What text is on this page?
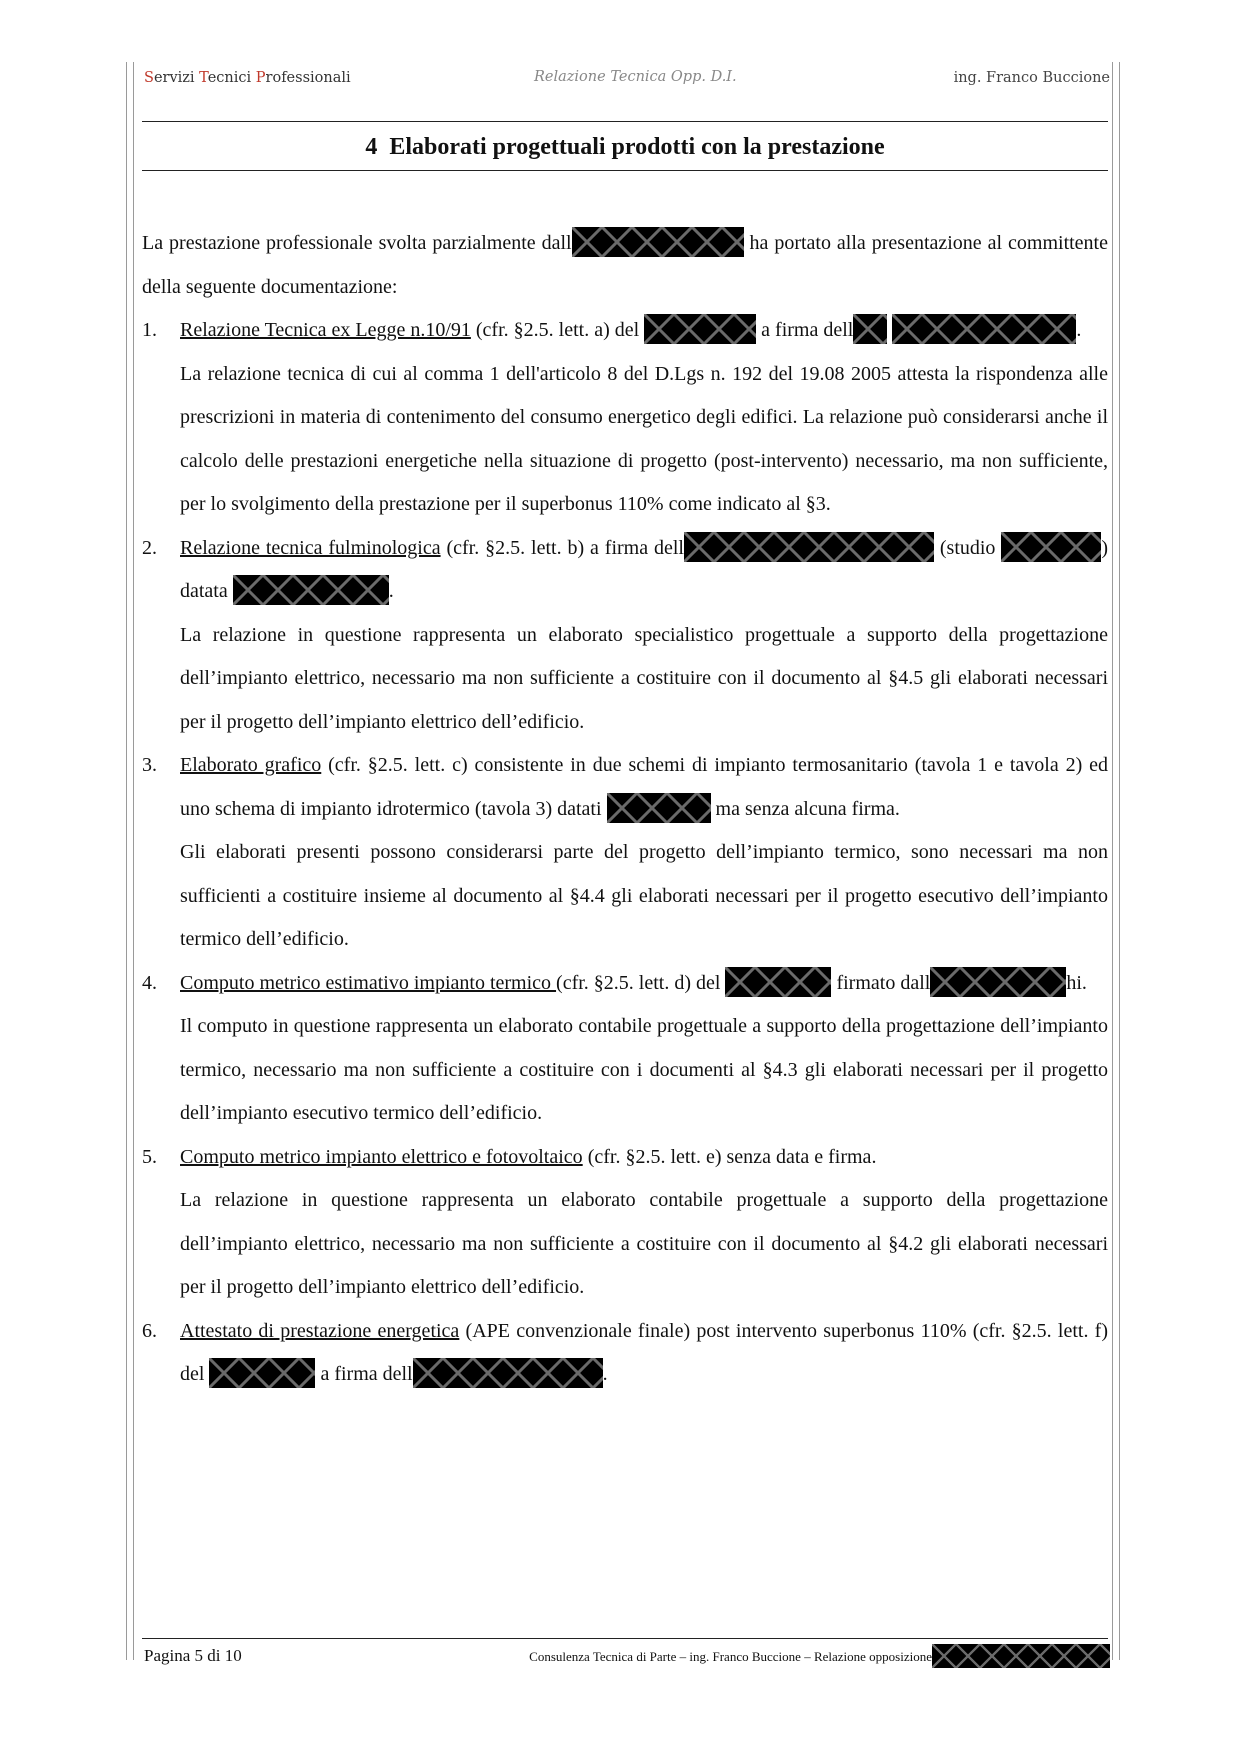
Servizi Tecnici Professionali	Relazione Tecnica Opp. D.I.	ing. Franco Buccione
4 Elaborati progettuali prodotti con la prestazione

La prestazione professionale svolta parzialmente dall	ha portato alla presentazione al committente della seguente documentazione:

1. Relazione Tecnica ex Legge n.10/91 (cfr. §2.5. lett. a) del	a firma dell	.
La relazione tecnica di cui al comma 1 dell'articolo 8 del D.Lgs n. 192 del 19.08 2005 attesta la rispondenza alle prescrizioni in materia di contenimento del consumo energetico degli edifici. La relazione può considerarsi anche il calcolo delle prestazioni energetiche nella situazione di progetto (post-intervento) necessario, ma non sufficiente, per lo svolgimento della prestazione per il superbonus 110% come indicato al §3.
2. Relazione tecnica fulminologica (cfr. §2.5. lett. b) a firma dell	(studio	) datata	.
La relazione in questione rappresenta un elaborato specialistico progettuale a supporto della progettazione dell’impianto elettrico, necessario ma non sufficiente a costituire con il documento al §4.5 gli elaborati necessari per il progetto dell’impianto elettrico dell’edificio.
3. Elaborato grafico (cfr. §2.5. lett. c) consistente in due schemi di impianto termosanitario (tavola 1 e tavola 2) ed uno schema di impianto idrotermico (tavola 3) datati	ma senza alcuna firma.
Gli elaborati presenti possono considerarsi parte del progetto dell’impianto termico, sono necessari ma non sufficienti a costituire insieme al documento al §4.4 gli elaborati necessari per il progetto esecutivo dell’impianto termico dell’edificio.
4. Computo metrico estimativo impianto termico (cfr. §2.5. lett. d) del	firmato dall	hi.
Il computo in questione rappresenta un elaborato contabile progettuale a supporto della progettazione dell’impianto termico, necessario ma non sufficiente a costituire con i documenti al §4.3 gli elaborati necessari per il progetto dell’impianto esecutivo termico dell’edificio.
5. Computo metrico impianto elettrico e fotovoltaico (cfr. §2.5. lett. e) senza data e firma.
La relazione in questione rappresenta un elaborato contabile progettuale a supporto della progettazione dell’impianto elettrico, necessario ma non sufficiente a costituire con il documento al §4.2 gli elaborati necessari per il progetto dell’impianto elettrico dell’edificio.
6. Attestato di prestazione energetica (APE convenzionale finale) post intervento superbonus 110% (cfr. §2.5. lett. f) del	a firma dell	.
Pagina 5 di 10	Consulenza Tecnica di Parte – ing. Franco Buccione – Relazione opposizione
